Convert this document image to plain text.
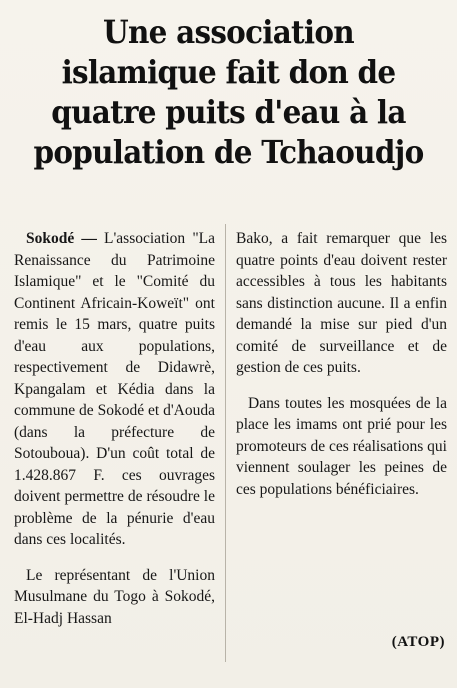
Une association islamique fait don de quatre puits d'eau à la population de Tchaoudjo

Sokodé — L'association "La Renaissance du Patrimoine Islamique" et le "Comité du Continent Africain-Koweït" ont remis le 15 mars, quatre puits d'eau aux populations, respectivement de Didawrè, Kpangalam et Kédia dans la commune de Sokodé et d'Aouda (dans la préfecture de Sotouboua). D'un coût total de 1.428.867 F. ces ouvrages doivent permettre de résoudre le problème de la pénurie d'eau dans ces localités.

Le représentant de l'Union Musulmane du Togo à Sokodé, El-Hadj Hassan

Bako, a fait remarquer que les quatre points d'eau doivent rester accessibles à tous les habitants sans distinction aucune. Il a enfin demandé la mise sur pied d'un comité de surveillance et de gestion de ces puits.

Dans toutes les mosquées de la place les imams ont prié pour les promoteurs de ces réalisations qui viennent soulager les peines de ces populations bénéficiaires.

(ATOP)
